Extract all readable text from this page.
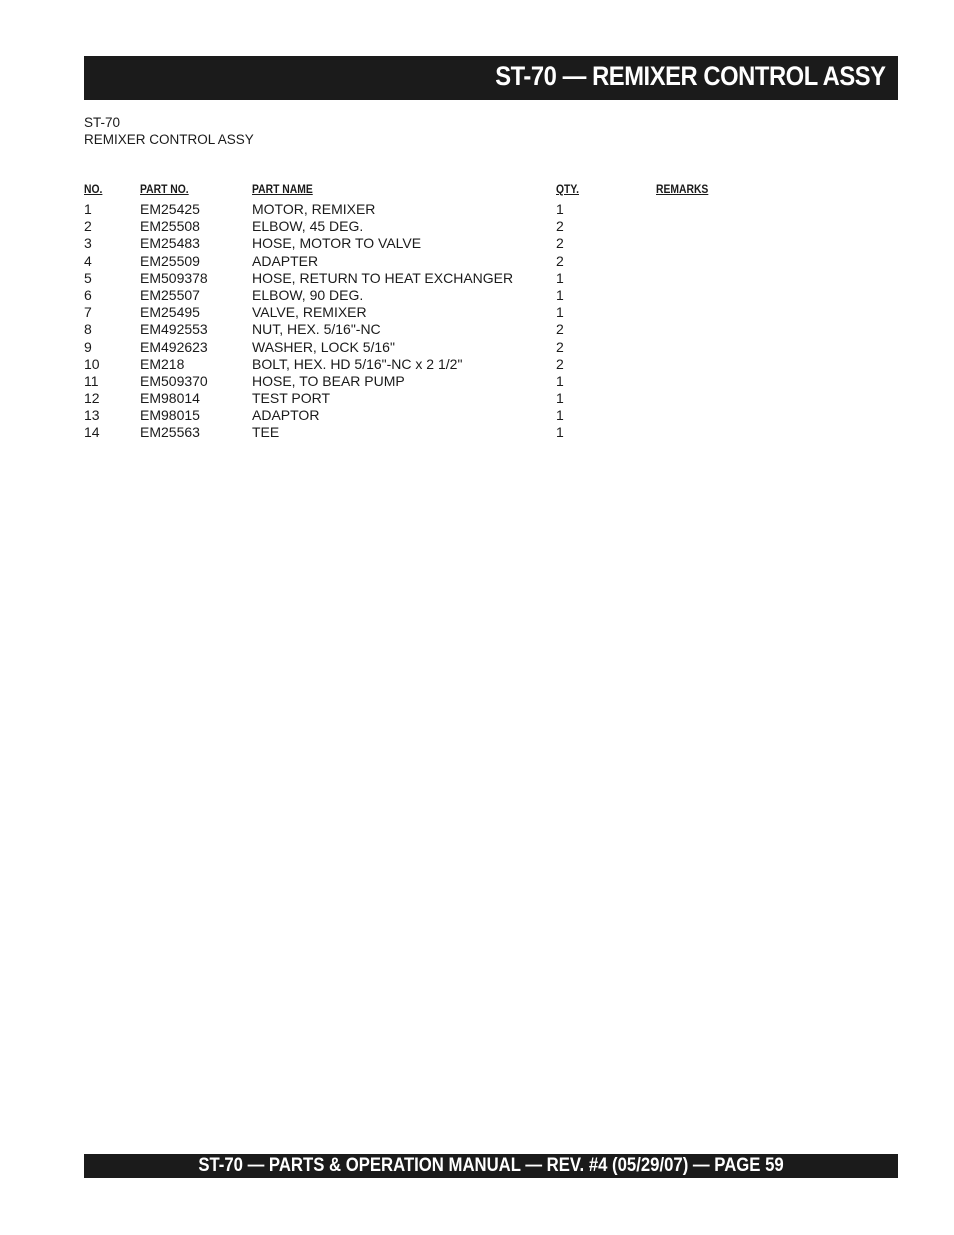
ST-70 — REMIXER CONTROL ASSY
ST-70
REMIXER CONTROL ASSY
NO.	PART NO.	PART NAME	QTY.	REMARKS
1	EM25425	MOTOR, REMIXER	1
2	EM25508	ELBOW, 45 DEG.	2
3	EM25483	HOSE, MOTOR TO VALVE	2
4	EM25509	ADAPTER	2
5	EM509378	HOSE, RETURN TO HEAT EXCHANGER	1
6	EM25507	ELBOW, 90 DEG.	1
7	EM25495	VALVE, REMIXER	1
8	EM492553	NUT, HEX. 5/16"-NC	2
9	EM492623	WASHER, LOCK 5/16"	2
10	EM218	BOLT, HEX. HD 5/16"-NC x 2 1/2"	2
11	EM509370	HOSE, TO BEAR PUMP	1
12	EM98014	TEST PORT	1
13	EM98015	ADAPTOR	1
14	EM25563	TEE	1
ST-70 — PARTS & OPERATION MANUAL — REV. #4 (05/29/07) — PAGE 59
